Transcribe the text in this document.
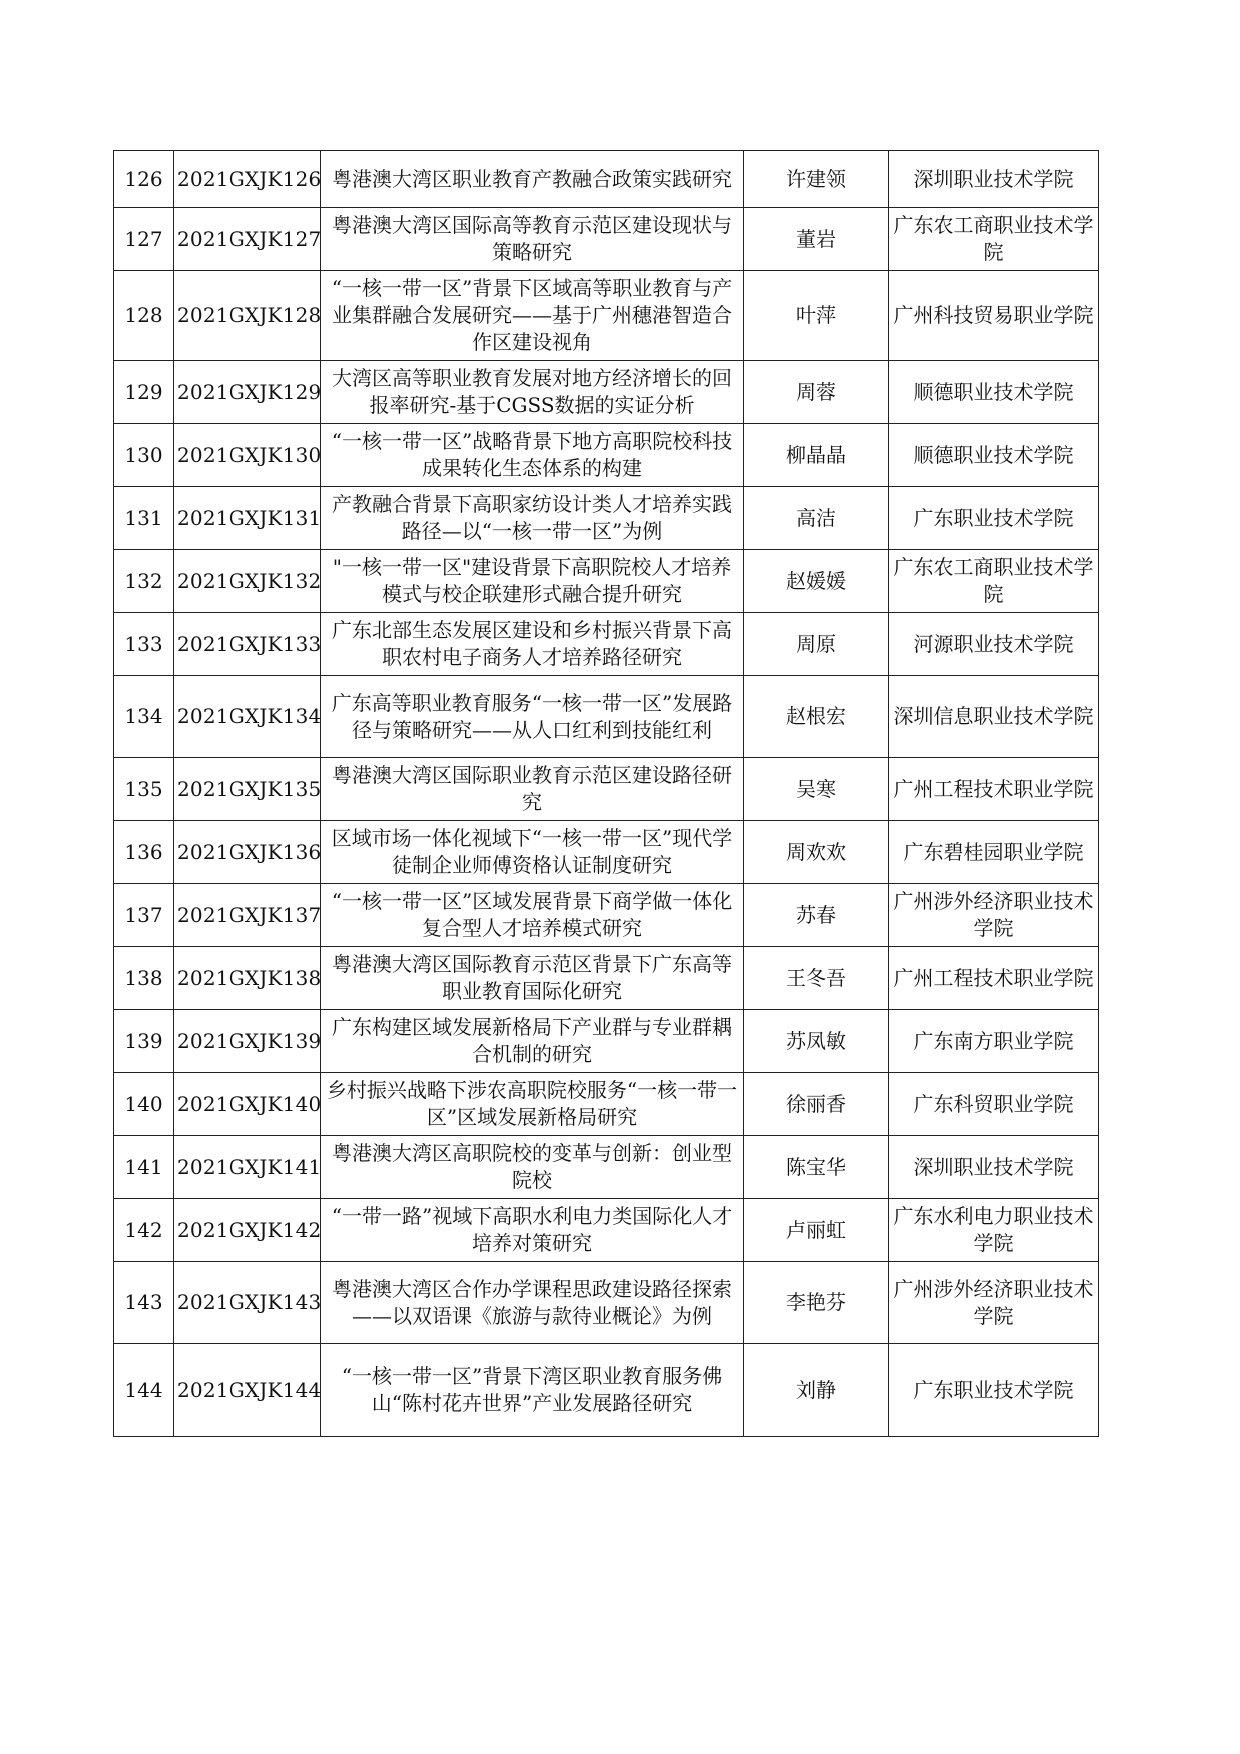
126	2021GXJK126	粤港澳大湾区职业教育产教融合政策实践研究	许建领	深圳职业技术学院
127	2021GXJK127	粤港澳大湾区国际高等教育示范区建设现状与策略研究	董岩	广东农工商职业技术学院
128	2021GXJK128	“一核一带一区”背景下区域高等职业教育与产业集群融合发展研究——基于广州穗港智造合作区建设视角	叶萍	广州科技贸易职业学院
129	2021GXJK129	大湾区高等职业教育发展对地方经济增长的回报率研究-基于CGSS数据的实证分析	周蓉	顺德职业技术学院
130	2021GXJK130	“一核一带一区”战略背景下地方高职院校科技成果转化生态体系的构建	柳晶晶	顺德职业技术学院
131	2021GXJK131	产教融合背景下高职家纺设计类人才培养实践路径—以“一核一带一区”为例	高洁	广东职业技术学院
132	2021GXJK132	"一核一带一区"建设背景下高职院校人才培养模式与校企联建形式融合提升研究	赵媛媛	广东农工商职业技术学院
133	2021GXJK133	广东北部生态发展区建设和乡村振兴背景下高职农村电子商务人才培养路径研究	周原	河源职业技术学院
134	2021GXJK134	广东高等职业教育服务“一核一带一区”发展路径与策略研究——从人口红利到技能红利	赵根宏	深圳信息职业技术学院
135	2021GXJK135	粤港澳大湾区国际职业教育示范区建设路径研究	吴寒	广州工程技术职业学院
136	2021GXJK136	区域市场一体化视域下“一核一带一区”现代学徒制企业师傅资格认证制度研究	周欢欢	广东碧桂园职业学院
137	2021GXJK137	“一核一带一区”区域发展背景下商学做一体化复合型人才培养模式研究	苏春	广州涉外经济职业技术学院
138	2021GXJK138	粤港澳大湾区国际教育示范区背景下广东高等职业教育国际化研究	王冬吾	广州工程技术职业学院
139	2021GXJK139	广东构建区域发展新格局下产业群与专业群耦合机制的研究	苏凤敏	广东南方职业学院
140	2021GXJK140	乡村振兴战略下涉农高职院校服务“一核一带一区”区域发展新格局研究	徐丽香	广东科贸职业学院
141	2021GXJK141	粤港澳大湾区高职院校的变革与创新：创业型院校	陈宝华	深圳职业技术学院
142	2021GXJK142	“一带一路”视域下高职水利电力类国际化人才培养对策研究	卢丽虹	广东水利电力职业技术学院
143	2021GXJK143	粤港澳大湾区合作办学课程思政建设路径探索——以双语课《旅游与款待业概论》为例	李艳芬	广州涉外经济职业技术学院
144	2021GXJK144	“一核一带一区”背景下湾区职业教育服务佛山“陈村花卉世界”产业发展路径研究	刘静	广东职业技术学院
